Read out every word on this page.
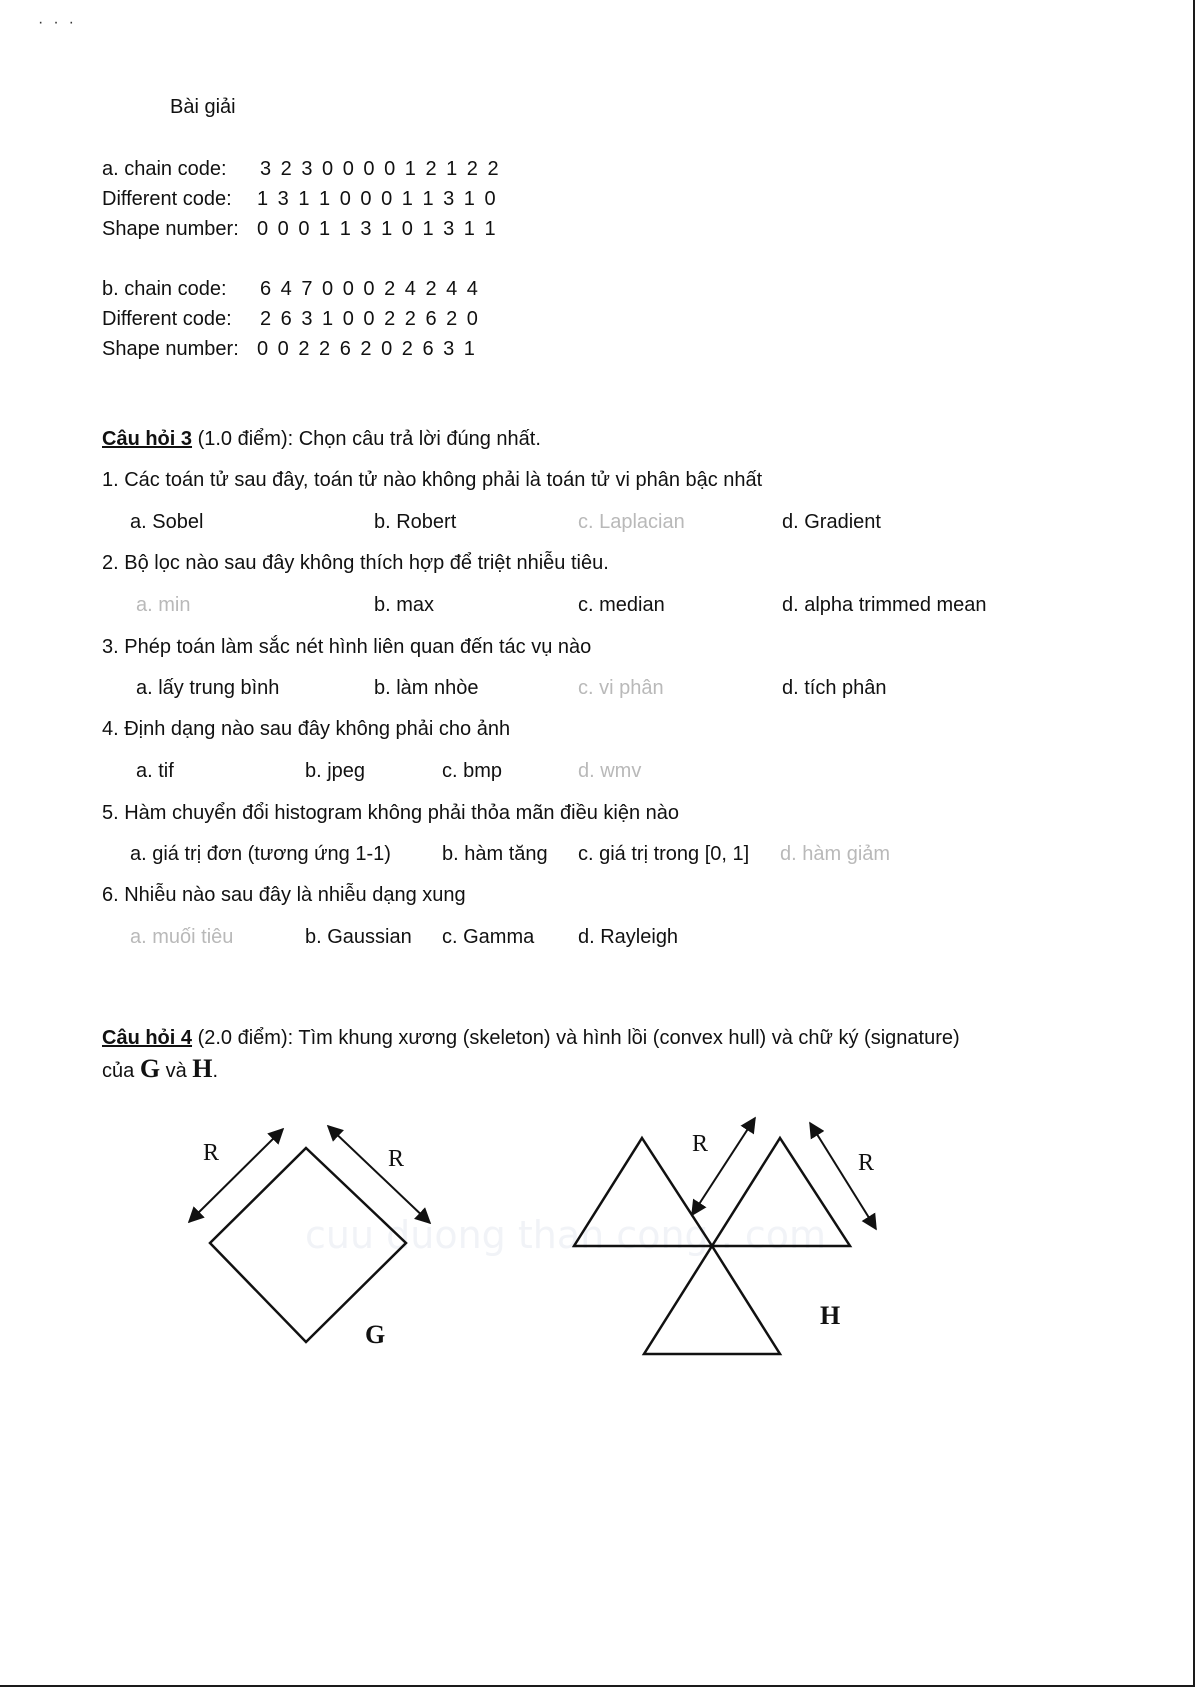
···
Bài giải
a. chain code: 3 2 3 0 0 0 0 1 2 1 2 2
Different code: 1 3 1 1 0 0 0 1 1 3 1 0
Shape number: 0 0 0 1 1 3 1 0 1 3 1 1
b. chain code: 6 4 7 0 0 0 2 4 2 4 4
Different code: 2 6 3 1 0 0 2 2 6 2 0
Shape number: 0 0 2 2 6 2 0 2 6 3 1
Câu hỏi 3 (1.0 điểm): Chọn câu trả lời đúng nhất.
1. Các toán tử sau đây, toán tử nào không phải là toán tử vi phân bậc nhất
a. Sobel	b. Robert	c. Laplacian	d. Gradient
2. Bộ lọc nào sau đây không thích hợp để triệt nhiễu tiêu.
a. min	b. max	c. median	d. alpha trimmed mean
3. Phép toán làm sắc nét hình liên quan đến tác vụ nào
a. lấy trung bình	b. làm nhòe	c. vi phân	d. tích phân
4. Định dạng nào sau đây không phải cho ảnh
a. tif	b. jpeg	c. bmp	d. wmv
5. Hàm chuyển đổi histogram không phải thỏa mãn điều kiện nào
a. giá trị đơn (tương ứng 1-1)	b. hàm tăng c. giá trị trong [0, 1] d. hàm giảm
6. Nhiễu nào sau đây là nhiễu dạng xung
a. muối tiêu	b. Gaussian c. Gamma d. Rayleigh
Câu hỏi 4 (2.0 điểm): Tìm khung xương (skeleton) và hình lồi (convex hull) và chữ ký (signature)
của G và H.
cuu duong than cong . com
R	R
G
R
R
H
